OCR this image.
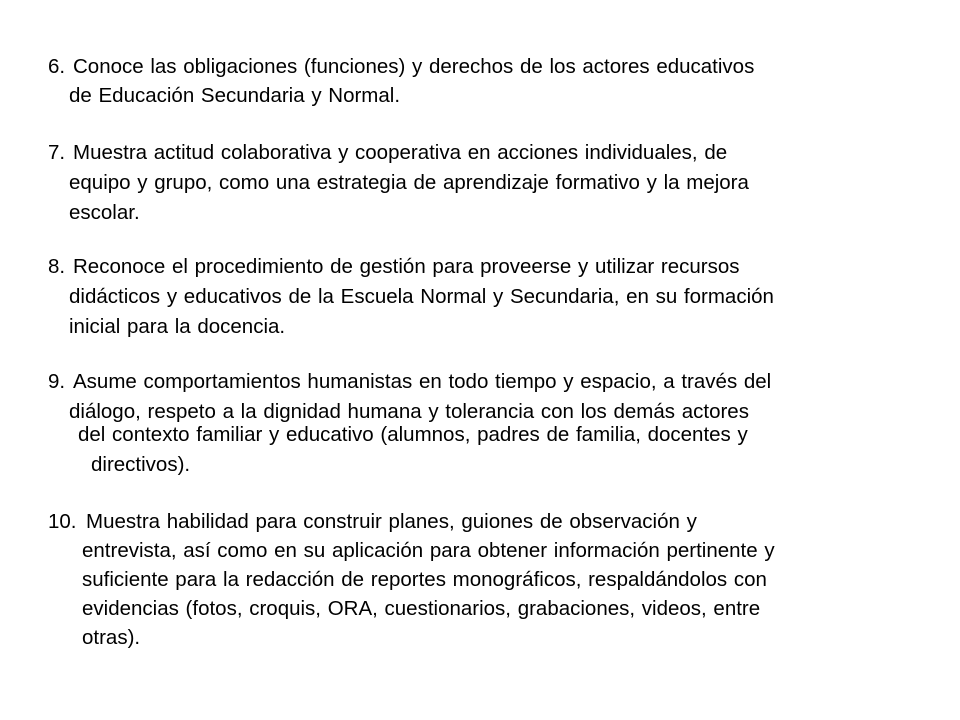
6. Conoce las obligaciones (funciones) y derechos de los actores educativos
de Educación Secundaria y Normal.
7. Muestra actitud colaborativa y cooperativa en acciones individuales, de
equipo y grupo, como una estrategia de aprendizaje formativo y la mejora
escolar.
8. Reconoce el procedimiento de gestión para proveerse y utilizar recursos
didácticos y educativos de la Escuela Normal y Secundaria, en su formación
inicial para la docencia.
9. Asume comportamientos humanistas en todo tiempo y espacio, a través del
diálogo, respeto a la dignidad humana y tolerancia con los demás actores
del contexto familiar y educativo (alumnos, padres de familia, docentes y
directivos).
10. Muestra habilidad para construir planes, guiones de observación y
entrevista, así como en su aplicación para obtener información pertinente y
suficiente para la redacción de reportes monográficos, respaldándolos con
evidencias (fotos, croquis, ORA, cuestionarios, grabaciones, videos, entre
otras).
